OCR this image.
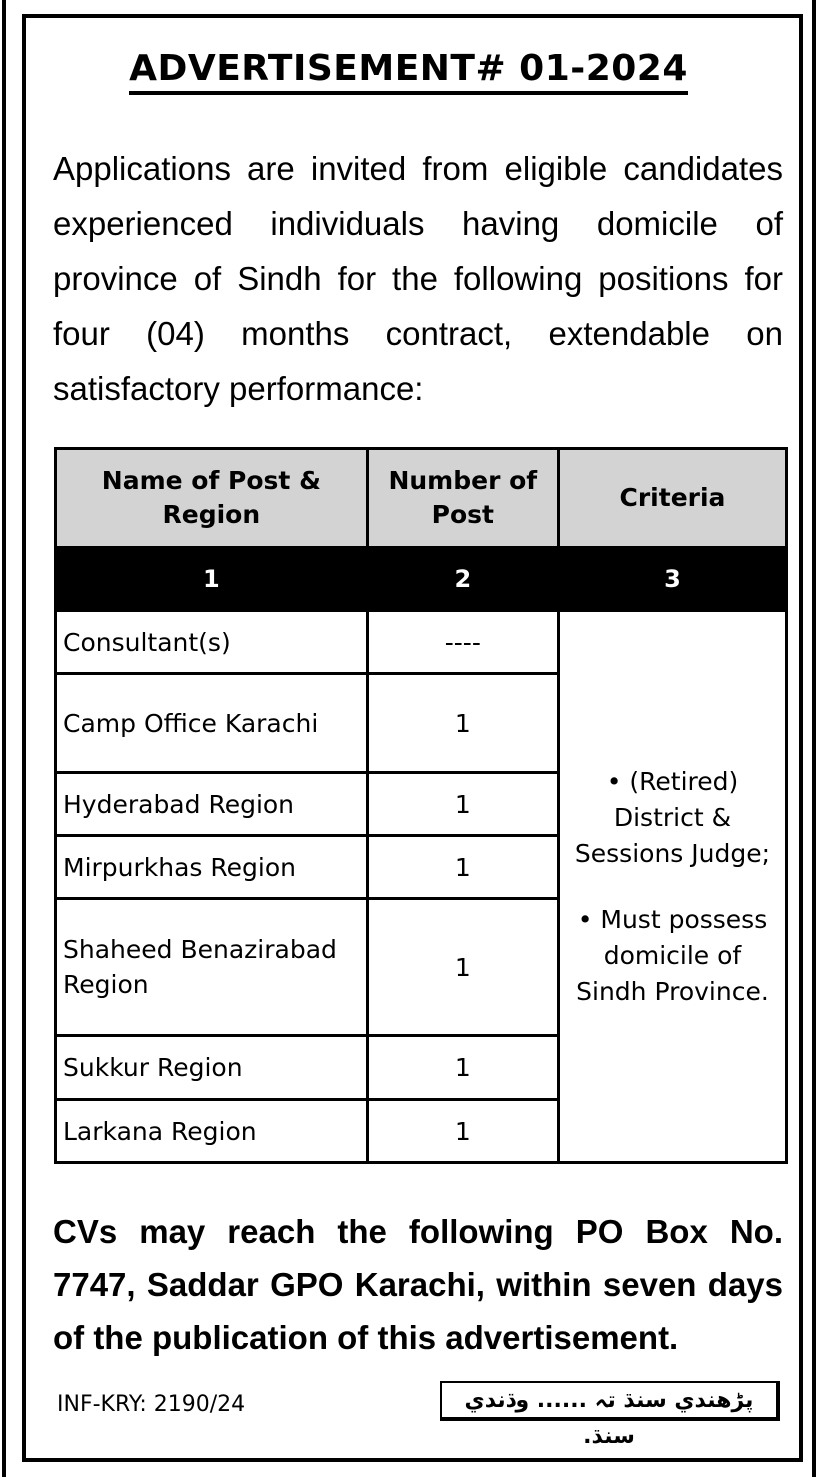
ADVERTISEMENT# 01-2024
Applications are invited from eligible candidates experienced individuals having domicile of province of Sindh for the following positions for four (04) months contract, extendable on satisfactory performance:
Name of Post & Region	Number of Post	Criteria
1	2	3
Consultant(s)	----	• (Retired) District & Sessions Judge;

• Must possess domicile of Sindh Province.

Camp Office Karachi	1	
Hyderabad Region	1	
Mirpurkhas Region	1	
Shaheed Benazirabad Region	1	
Sukkur Region	1	
Larkana Region	1	
CVs may reach the following PO Box No. 7747, Saddar GPO Karachi, within seven days of the publication of this advertisement.
INF-KRY: 2190/24	پڑهندي سنڌ تہ ...... وڌندي سنڌ.
